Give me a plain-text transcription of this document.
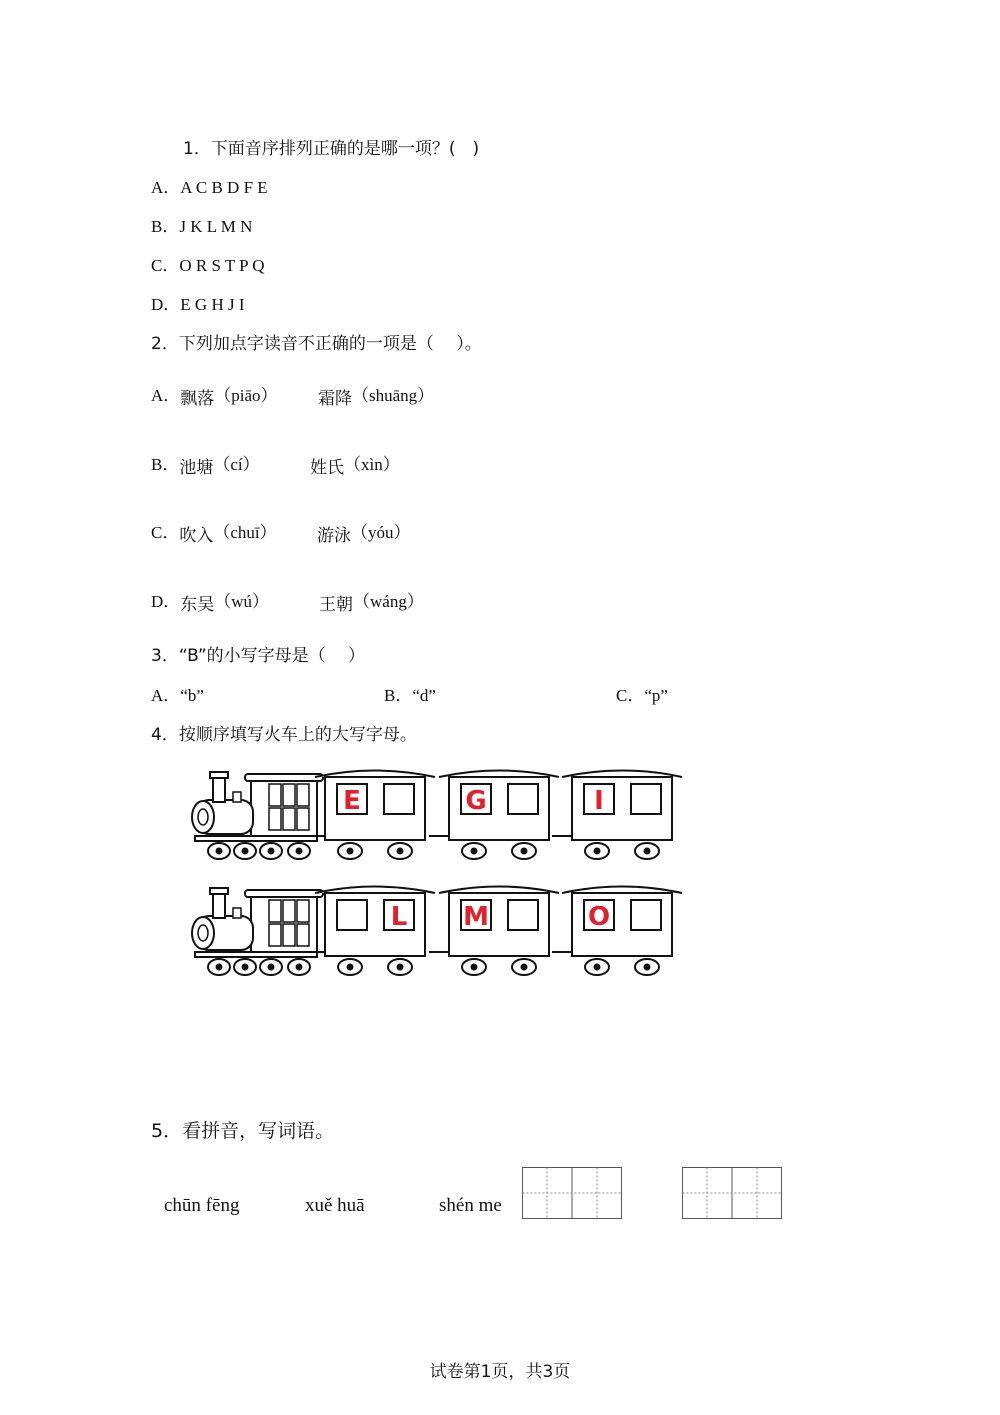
1．下面音序排列正确的是哪一项？(　)
A．A C B D F E
B．J K L M N
C．O R S T P Q
D．E G H J I
2．下列加点字读音不正确的一项是（　 ）。
A．飘落（piāo） 霜降（shuāng）
B．池塘（cí）	姓氏（xìn）
C．吹入（chuī） 游泳（yóu）
D．东吴（wú）	王朝（wáng）
3．“B”的小写字母是（　 ）
A．“b”	B．“d”	C．“p”
4．按顺序填写火车上的大写字母。
E	G	I
L M	O
5．看拼音，写词语。
chūn fēng	xuě huā	shén me
试卷第1页，共3页
